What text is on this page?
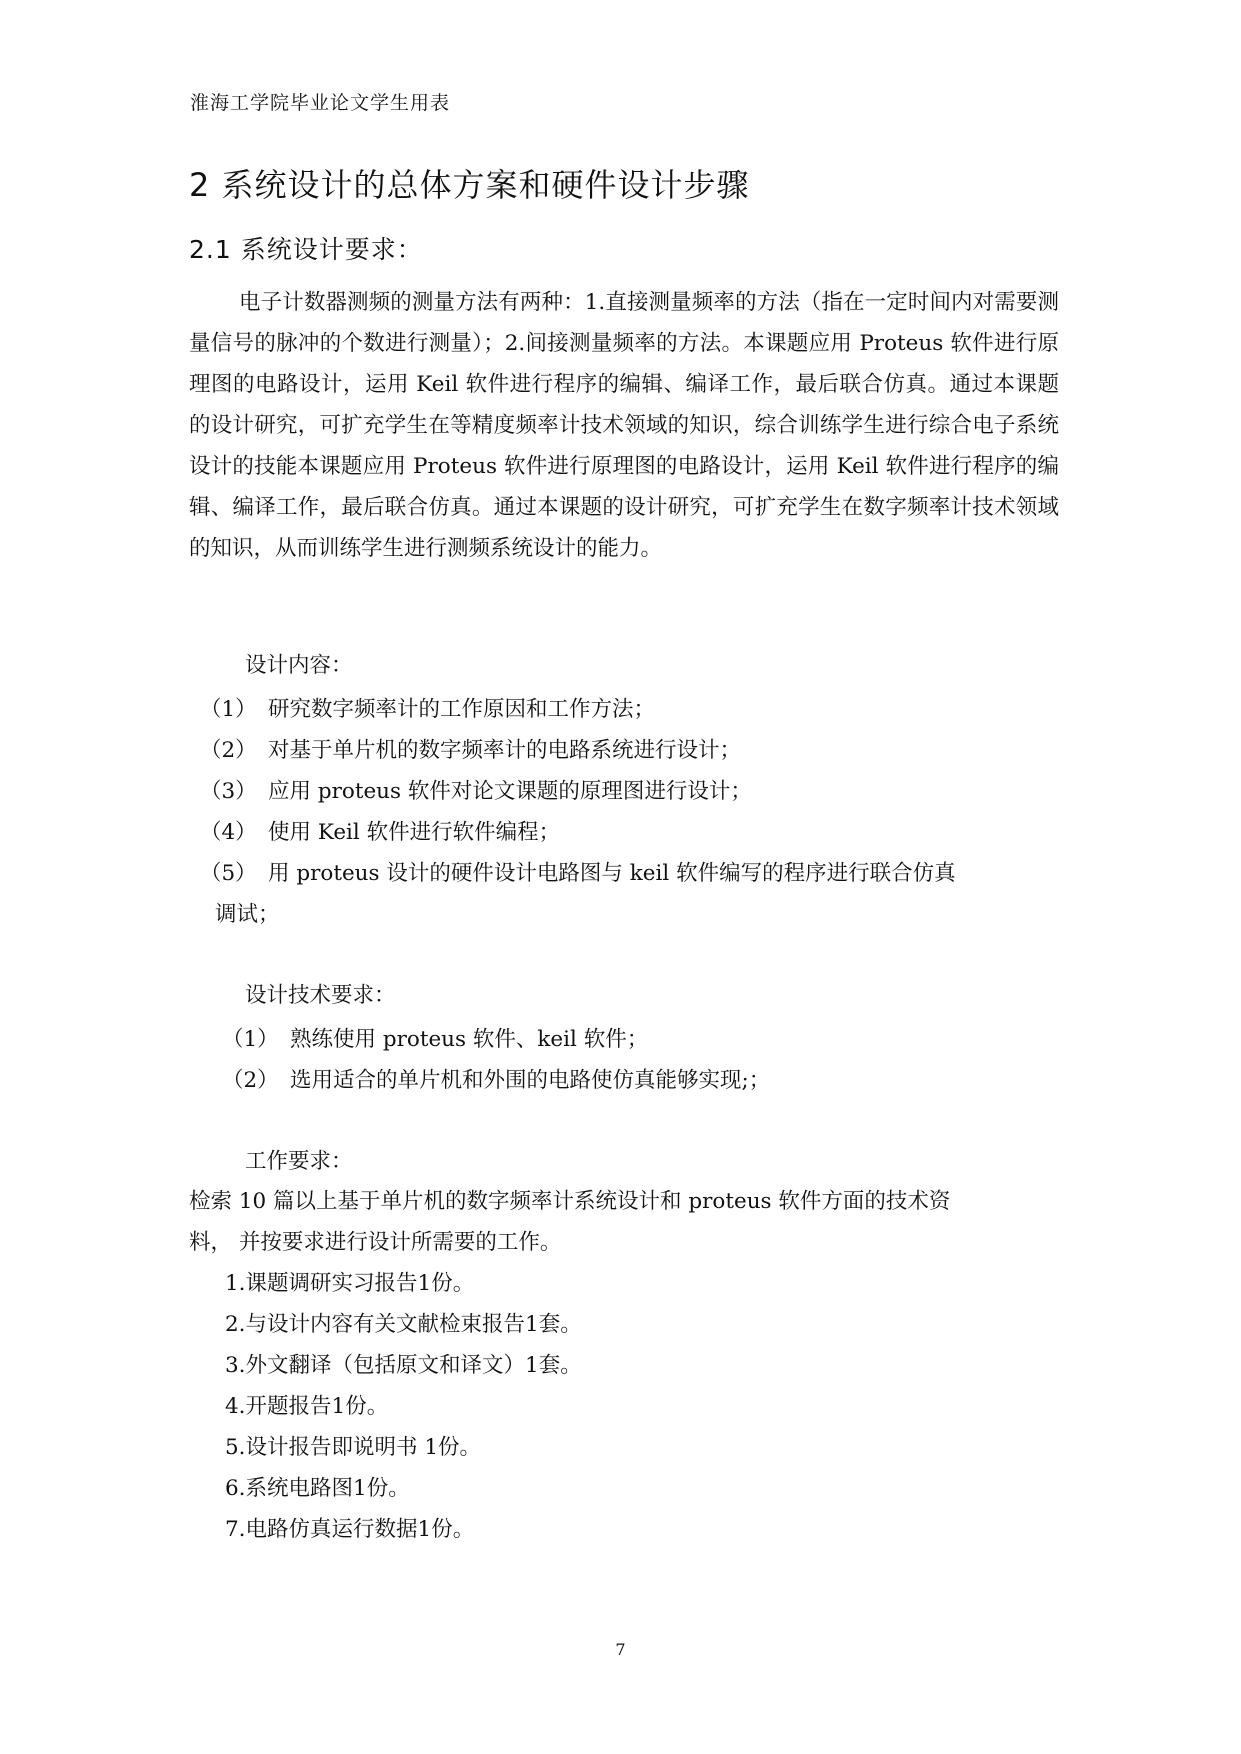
淮海工学院毕业论文学生用表
2 系统设计的总体方案和硬件设计步骤
2.1 系统设计要求：

电子计数器测频的测量方法有两种：1.直接测量频率的方法（指在一定时间内对需要测量信号的脉冲的个数进行测量）；2.间接测量频率的方法。本课题应用 Proteus 软件进行原理图的电路设计，运用 Keil 软件进行程序的编辑、编译工作，最后联合仿真。通过本课题的设计研究，可扩充学生在等精度频率计技术领域的知识，综合训练学生进行综合电子系统设计的技能本课题应用 Proteus 软件进行原理图的电路设计，运用 Keil 软件进行程序的编辑、编译工作，最后联合仿真。通过本课题的设计研究，可扩充学生在数字频率计技术领域的知识，从而训练学生进行测频系统设计的能力。

设计内容：
（1） 研究数字频率计的工作原因和工作方法；
（2） 对基于单片机的数字频率计的电路系统进行设计；
（3） 应用 proteus 软件对论文课题的原理图进行设计；
（4） 使用 Keil 软件进行软件编程；
（5） 用 proteus 设计的硬件设计电路图与 keil 软件编写的程序进行联合仿真
调试；
设计技术要求：
（1） 熟练使用 proteus 软件、keil 软件；
（2） 选用适合的单片机和外围的电路使仿真能够实现;；
工作要求：
检索 10 篇以上基于单片机的数字频率计系统设计和 proteus 软件方面的技术资
料， 并按要求进行设计所需要的工作。
1.课题调研实习报告1份。
2.与设计内容有关文献检束报告1套。
3.外文翻译（包括原文和译文）1套。
4.开题报告1份。
5.设计报告即说明书 1份。
6.系统电路图1份。
7.电路仿真运行数据1份。
7
